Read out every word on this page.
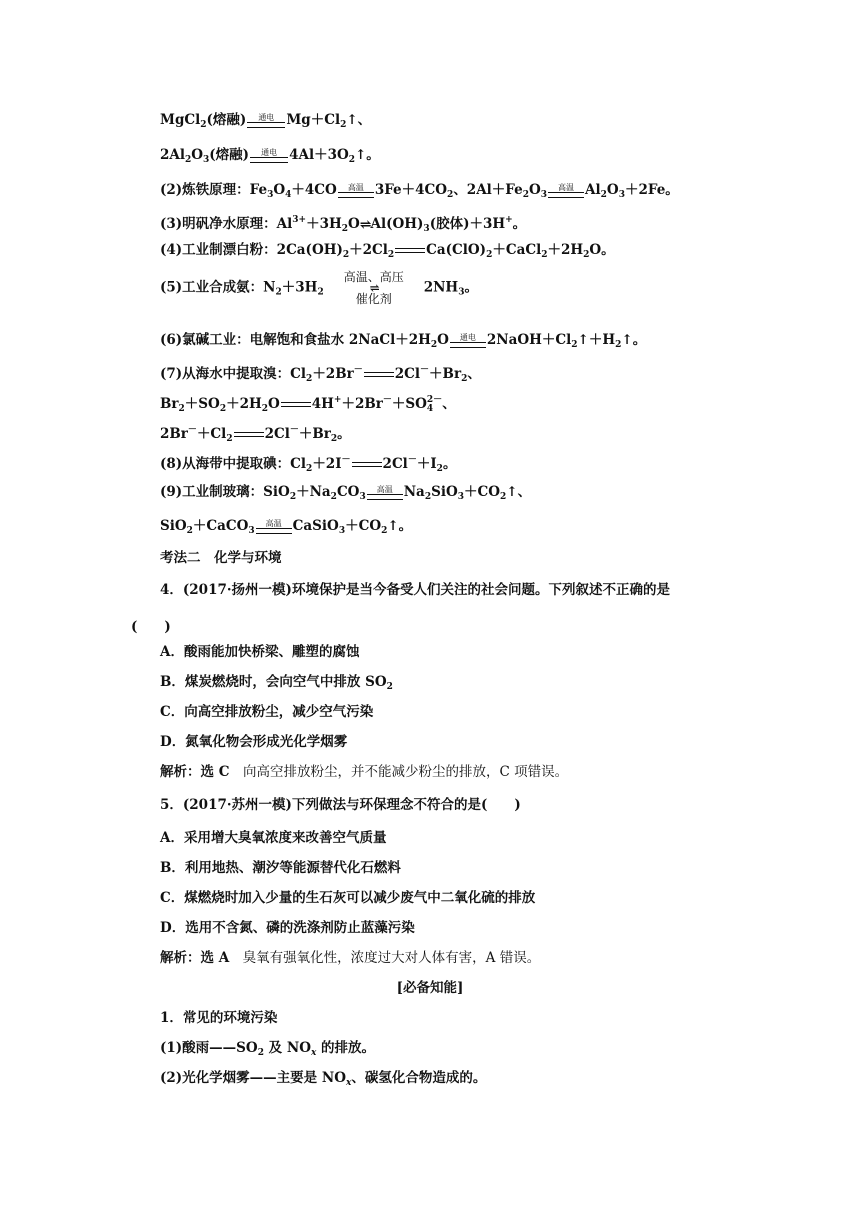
MgCl$_2$(熔融)	通电 $Mg+Cl_2↑$、
$2Al_2O_3$(熔融)	通电 $4Al+3O_2↑$。
(2)炼铁原理：$Fe_3O_4+4CO$	高温 $3Fe+4CO_2$、$2Al+Fe_2O_3$
高温 $Al_2O_3+2Fe$。
(3)明矾净水原理：$Al^{3+}+3H_2O\rightleftharpoons Al(OH)_3$(胶体)＋3H+。
(4)工业制漂白粉：$2Ca(OH)_2+2Cl_2$ $Ca(ClO)_2+CaCl_2+2H_2O$。
(5)工业合成氨：$N_2+3H_2$
高温、高压
⇌
催化剂
$2NH_3$。
(6)氯碱工业：电解饱和食盐水 $2NaCl+2H_2O$	通电 $2NaOH+Cl_2↑+H_2↑$。
(7)从海水中提取溴：$Cl_2+2Br^-$ $2Cl^-+Br_2$、
$Br_2+SO_2+2H_2O$ 4H+＋2Br－＋SO 2－
4 、
$2Br^-+Cl_2$ $2Cl^-+Br_2$。
(8)从海带中提取碘：$Cl_2+2I^-$ $2Cl^-+I_2$。
(9)工业制玻璃：$SiO_2+Na_2CO_3$
高温 $Na_2SiO_3+CO_2↑$、
SiO$_2$＋CaCO$_3$
高温 $CaSiO_3+CO_2↑$。
考法二　化学与环境
4．(2017·扬州一模)环境保护是当今备受人们关注的社会问题。下列叙述不正确的是
(　　)
A．酸雨能加快桥梁、雕塑的腐蚀
B．煤炭燃烧时，会向空气中排放 $SO_2$
C．向高空排放粉尘，减少空气污染
D．氮氧化物会形成光化学烟雾
解析：选 C　向高空排放粉尘，并不能减少粉尘的排放，C 项错误。
5．(2017·苏州一模)下列做法与环保理念不符合的是(　　)
A．采用增大臭氧浓度来改善空气质量
B．利用地热、潮汐等能源替代化石燃料
C．煤燃烧时加入少量的生石灰可以减少废气中二氧化硫的排放
D．选用不含氮、磷的洗涤剂防止蓝藻污染
解析：选 A　臭氧有强氧化性，浓度过大对人体有害，A 错误。
[必备知能]
1．常见的环境污染
(1)酸雨$——SO_2$ 及 $NO_x$ 的排放。
(2)光化学烟雾——主要是 $NO_x$、碳氢化合物造成的。
